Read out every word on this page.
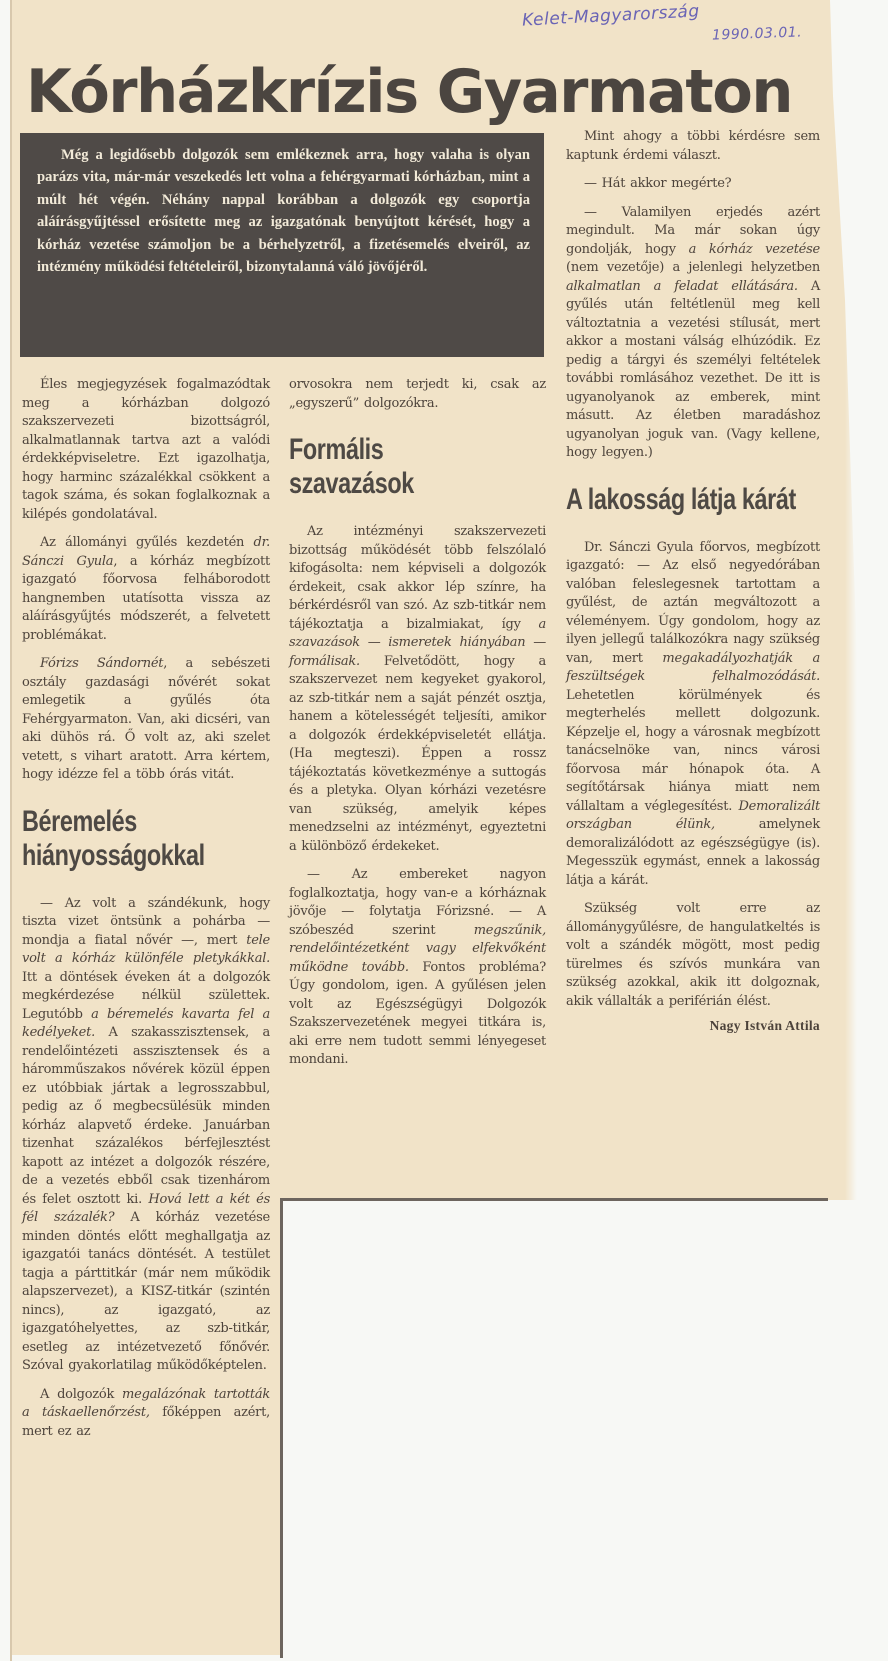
Kelet-Magyarország
1990.03.01.
Kórházkrízis Gyarmaton

Még a legidősebb dolgozók sem emlékeznek arra, hogy valaha is olyan parázs vita, már-már veszekedés lett volna a fehérgyarmati kórházban, mint a múlt hét végén. Néhány nappal korábban a dolgozók egy csoportja aláírásgyűjtéssel erősítette meg az igazgatónak benyújtott kérését, hogy a kórház vezetése számoljon be a bérhelyzetről, a fizetésemelés elveiről, az intézmény működési feltételeiről, bizonytalanná váló jövőjéről.

Éles megjegyzések fogalmazódtak meg a kórházban dolgozó szakszervezeti bizottságról, alkalmatlannak tartva azt a valódi érdekképviseletre. Ezt igazolhatja, hogy harminc százalékkal csökkent a tagok száma, és sokan foglalkoznak a kilépés gondolatával.

Az állományi gyűlés kezdetén dr. Sánczi Gyula, a kórház megbízott igazgató főorvosa felháborodott hangnemben utatísotta vissza az aláírásgyűjtés módszerét, a felvetett problémákat.

Fórizs Sándornét, a sebészeti osztály gazdasági nővérét sokat emlegetik a gyűlés óta Fehérgyarmaton. Van, aki dicséri, van aki dühös rá. Ő volt az, aki szelet vetett, s vihart aratott. Arra kértem, hogy idézze fel a több órás vitát.

Béremelés hiányosságokkal

— Az volt a szándékunk, hogy tiszta vizet öntsünk a pohárba — mondja a fiatal nővér —, mert tele volt a kórház különféle pletykákkal. Itt a döntések éveken át a dolgozók megkérdezése nélkül születtek. Legutóbb a béremelés kavarta fel a kedélyeket. A szakasszisztensek, a rendelőintézeti asszisztensek és a háromműszakos nővérek közül éppen ez utóbbiak jártak a legrosszabbul, pedig az ő megbecsülésük minden kórház alapvető érdeke. Januárban tizenhat százalékos bérfejlesztést kapott az intézet a dolgozók részére, de a vezetés ebből csak tizenhárom és felet osztott ki. Hová lett a két és fél százalék? A kórház vezetése minden döntés előtt meghallgatja az igazgatói tanács döntését. A testület tagja a párttitkár (már nem működik alapszervezet), a KISZ-titkár (szintén nincs), az igazgató, az igazgatóhelyettes, az szb-titkár, esetleg az intézetvezető főnővér. Szóval gyakorlatilag működőképtelen.

A dolgozók megalázónak tartották a táskaellenőrzést, főképpen azért, mert ez az

orvosokra nem terjedt ki, csak az „egyszerű” dolgozókra.

Formális szavazások

Az intézményi szakszervezeti bizottság működését több felszólaló kifogásolta: nem képviseli a dolgozók érdekeit, csak akkor lép színre, ha bérkérdésről van szó. Az szb-titkár nem tájékoztatja a bizalmiakat, így a szavazások — ismeretek hiányában — formálisak. Felvetődött, hogy a szakszervezet nem kegyeket gyakorol, az szb-titkár nem a saját pénzét osztja, hanem a kötelességét teljesíti, amikor a dolgozók érdekképviseletét ellátja. (Ha megteszi). Éppen a rossz tájékoztatás következménye a suttogás és a pletyka. Olyan kórházi vezetésre van szükség, amelyik képes menedzselni az intézményt, egyeztetni a különböző érdekeket.

— Az embereket nagyon foglalkoztatja, hogy van-e a kórháznak jövője — folytatja Fórizsné. — A szóbeszéd szerint megszűnik, rendelőintézetként vagy elfekvőként működne tovább. Fontos probléma? Úgy gondolom, igen. A gyűlésen jelen volt az Egészségügyi Dolgozók Szakszervezetének megyei titkára is, aki erre nem tudott semmi lényegeset mondani.

Mint ahogy a többi kérdésre sem kaptunk érdemi választ.

— Hát akkor megérte?

— Valamilyen erjedés azért megindult. Ma már sokan úgy gondolják, hogy a kórház vezetése (nem vezetője) a jelenlegi helyzetben alkalmatlan a feladat ellátására. A gyűlés után feltétlenül meg kell változtatnia a vezetési stílusát, mert akkor a mostani válság elhúzódik. Ez pedig a tárgyi és személyi feltételek további romlásához vezethet. De itt is ugyanolyanok az emberek, mint másutt. Az életben maradáshoz ugyanolyan joguk van. (Vagy kellene, hogy legyen.)

A lakosság látja kárát

Dr. Sánczi Gyula főorvos, megbízott igazgató: — Az első negyedórában valóban feleslegesnek tartottam a gyűlést, de aztán megváltozott a véleményem. Úgy gondolom, hogy az ilyen jellegű találkozókra nagy szükség van, mert megakadályozhatják a feszültségek felhalmozódását. Lehetetlen körülmények és megterhelés mellett dolgozunk. Képzelje el, hogy a városnak megbízott tanácselnöke van, nincs városi főorvosa már hónapok óta. A segítőtársak hiánya miatt nem vállaltam a véglegesítést. Demoralizált országban élünk, amelynek demoralizálódott az egészségügye (is). Megesszük egymást, ennek a lakosság látja a kárát.

Szükség volt erre az állománygyűlésre, de hangulatkeltés is volt a szándék mögött, most pedig türelmes és szívós munkára van szükség azokkal, akik itt dolgoznak, akik vállalták a periférián élést.

Nagy István Attila
